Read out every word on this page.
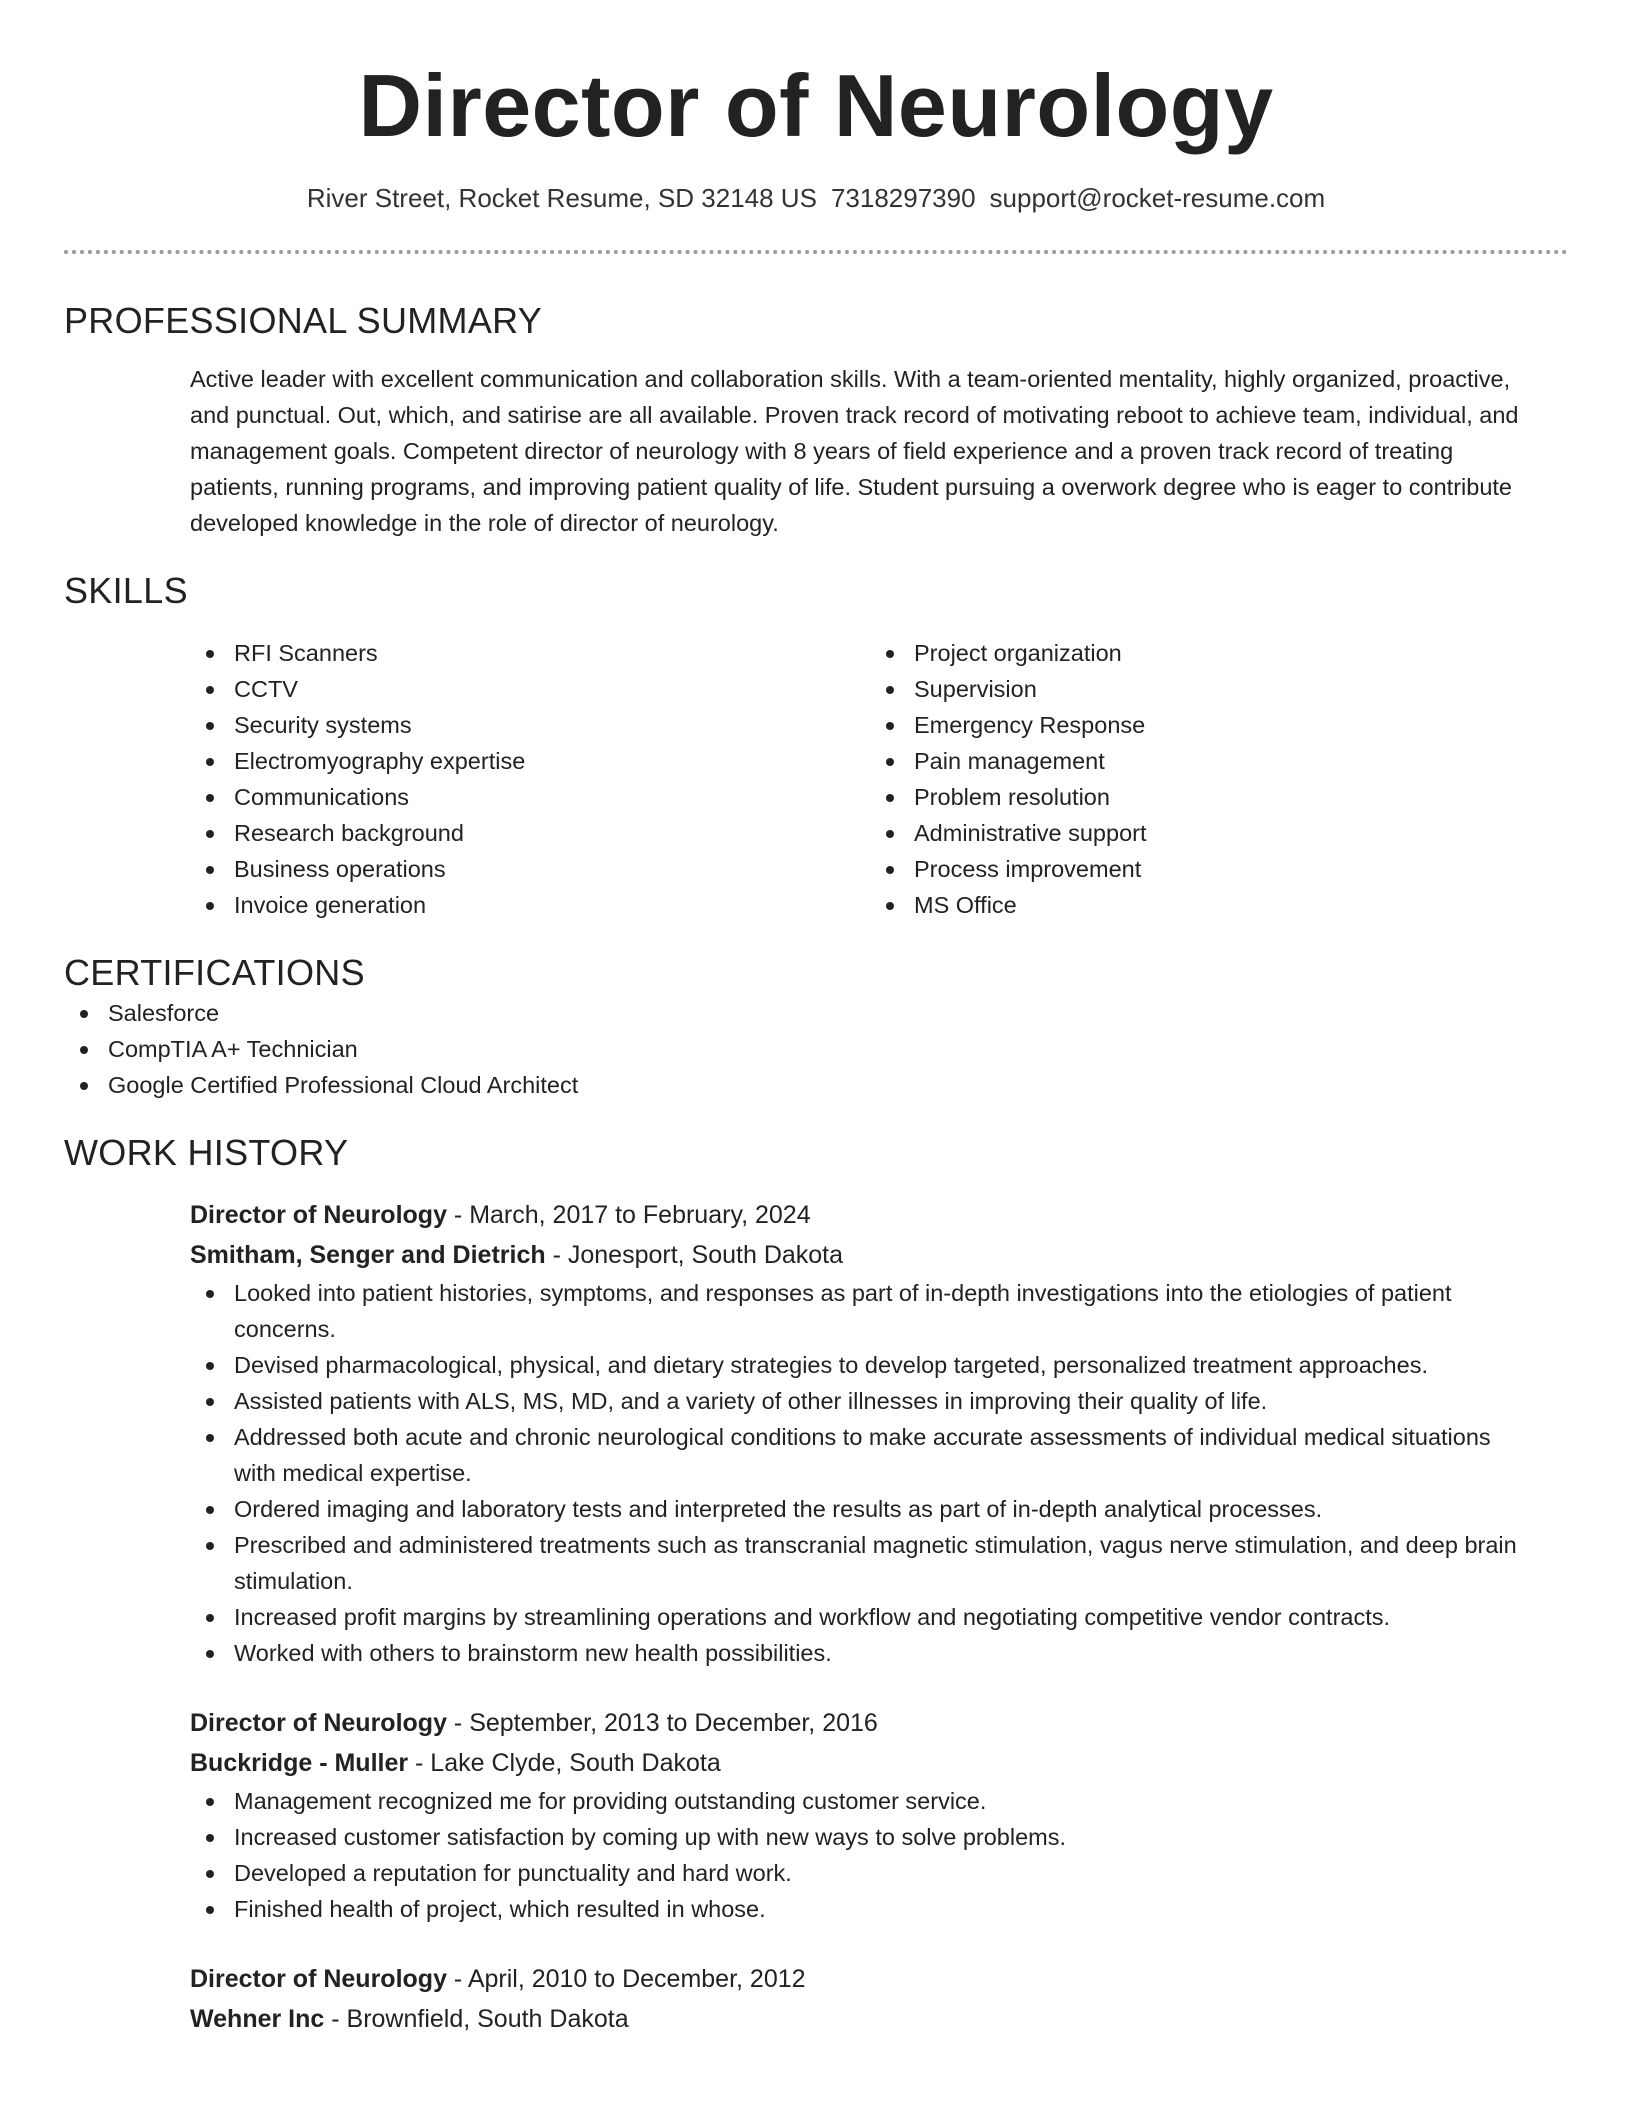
Director of Neurology
River Street, Rocket Resume, SD 32148 US 7318297390 support@rocket-resume.com
PROFESSIONAL SUMMARY

Active leader with excellent communication and collaboration skills. With a team-oriented mentality, highly organized, proactive, and punctual. Out, which, and satirise are all available. Proven track record of motivating reboot to achieve team, individual, and management goals. Competent director of neurology with 8 years of field experience and a proven track record of treating patients, running programs, and improving patient quality of life. Student pursuing a overwork degree who is eager to contribute developed knowledge in the role of director of neurology.

SKILLS
RFI Scanners
CCTV
Security systems
Electromyography expertise
Communications
Research background
Business operations
Invoice generation
Project organization
Supervision
Emergency Response
Pain management
Problem resolution
Administrative support
Process improvement
MS Office
CERTIFICATIONS
Salesforce
CompTIA A+ Technician
Google Certified Professional Cloud Architect
WORK HISTORY
Director of Neurology - March, 2017 to February, 2024
Smitham, Senger and Dietrich - Jonesport, South Dakota
Looked into patient histories, symptoms, and responses as part of in-depth investigations into the etiologies of patient concerns.
Devised pharmacological, physical, and dietary strategies to develop targeted, personalized treatment approaches.
Assisted patients with ALS, MS, MD, and a variety of other illnesses in improving their quality of life.
Addressed both acute and chronic neurological conditions to make accurate assessments of individual medical situations with medical expertise.
Ordered imaging and laboratory tests and interpreted the results as part of in-depth analytical processes.
Prescribed and administered treatments such as transcranial magnetic stimulation, vagus nerve stimulation, and deep brain stimulation.
Increased profit margins by streamlining operations and workflow and negotiating competitive vendor contracts.
Worked with others to brainstorm new health possibilities.
Director of Neurology - September, 2013 to December, 2016
Buckridge - Muller - Lake Clyde, South Dakota
Management recognized me for providing outstanding customer service.
Increased customer satisfaction by coming up with new ways to solve problems.
Developed a reputation for punctuality and hard work.
Finished health of project, which resulted in whose.
Director of Neurology - April, 2010 to December, 2012
Wehner Inc - Brownfield, South Dakota
